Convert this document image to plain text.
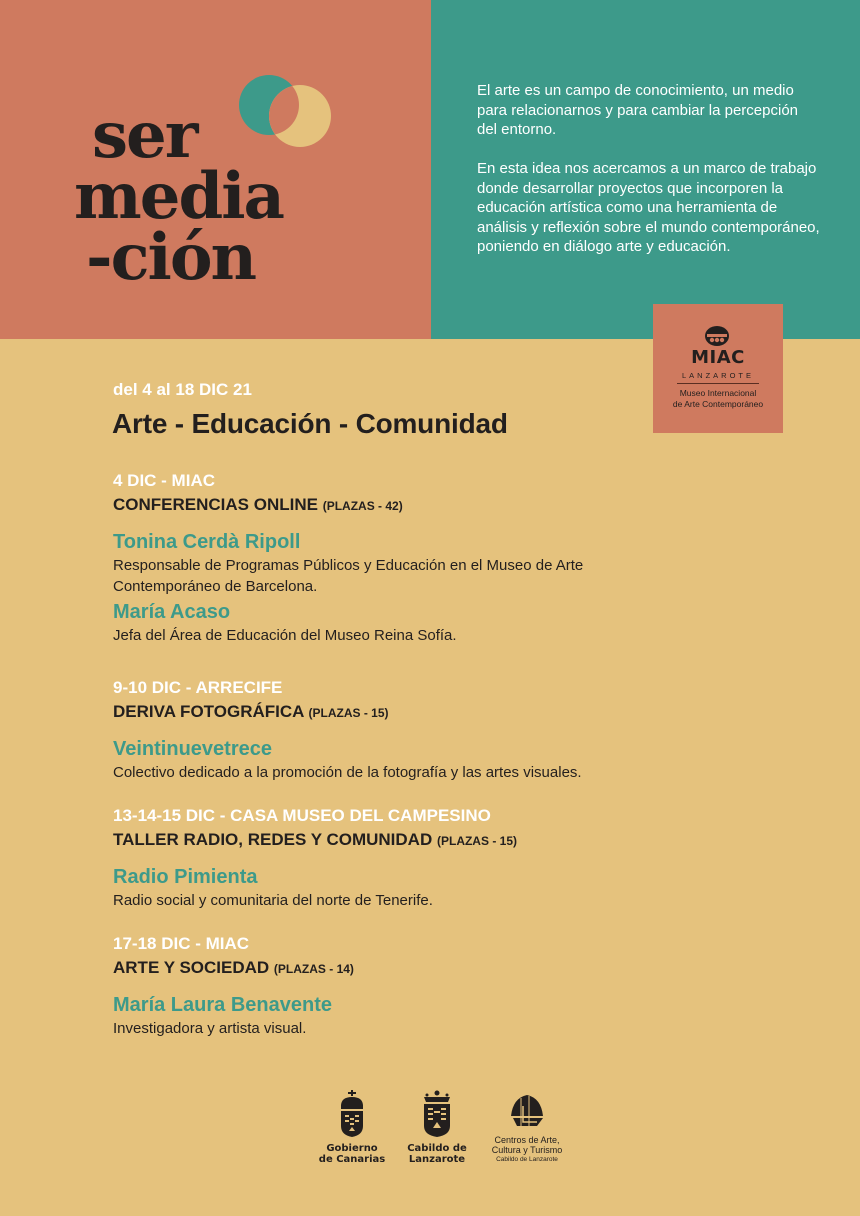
ser
media
-ción

El arte es un campo de conocimiento, un medio para relacionarnos y para cambiar la percepción del entorno.

En esta idea nos acercamos a un marco de trabajo donde desarrollar proyectos que incorporen la educación artística como una herramienta de análisis y reflexión sobre el mundo contemporáneo, poniendo en diálogo arte y educación.

MIAC
LANZAROTE
Museo Internacional
de Arte Contemporáneo
del 4 al 18 DIC 21
Arte - Educación - Comunidad
4 DIC - MIAC
CONFERENCIAS ONLINE (PLAZAS - 42)
Tonina Cerdà Ripoll
Responsable de Programas Públicos y Educación en el Museo de Arte Contemporáneo de Barcelona.
María Acaso
Jefa del Área de Educación del Museo Reina Sofía.
9-10 DIC - ARRECIFE
DERIVA FOTOGRÁFICA (PLAZAS - 15)
Veintinuevetrece
Colectivo dedicado a la promoción de la fotografía y las artes visuales.
13-14-15 DIC - CASA MUSEO DEL CAMPESINO
TALLER RADIO, REDES Y COMUNIDAD (PLAZAS - 15)
Radio Pimienta
Radio social y comunitaria del norte de Tenerife.
17-18 DIC - MIAC
ARTE Y SOCIEDAD (PLAZAS - 14)
María Laura Benavente
Investigadora y artista visual.
Gobierno
de Canarias
Cabildo de
Lanzarote
Centros de Arte,
Cultura y Turismo
Cabildo de Lanzarote
